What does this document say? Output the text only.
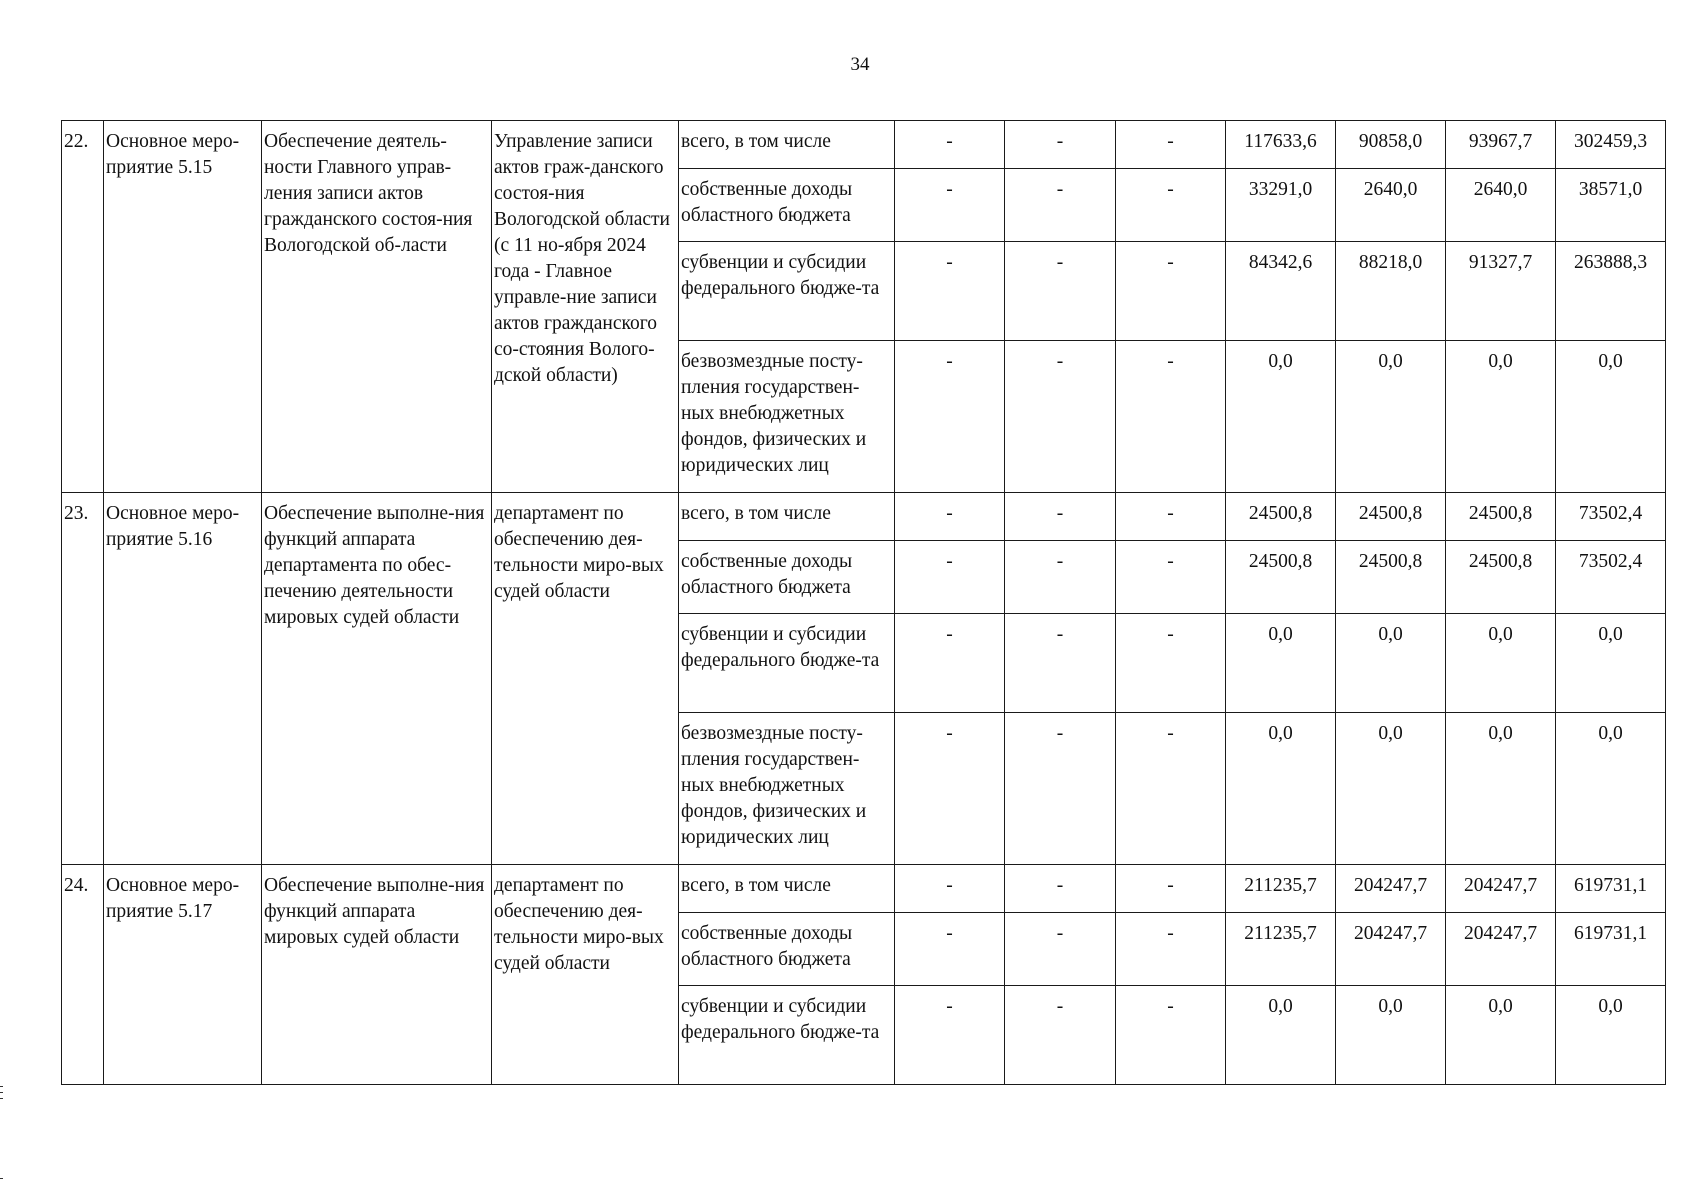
34
22.	Основное меро-приятие 5.15	Обеспечение деятель-ности Главного управ-ления записи актов гражданского состоя-ния Вологодской об-ласти	Управление записи актов граж-данского состоя-ния Вологодской области (с 11 но-ября 2024 года - Главное управле-ние записи актов гражданского со-стояния Волого-дской области)	всего, в том числе	-	-	-	117633,6	90858,0	93967,7	302459,3
				собственные доходы областного бюджета	-	-	-	33291,0	2640,0	2640,0	38571,0
				субвенции и субсидии федерального бюдже-та	-	-	-	84342,6	88218,0	91327,7	263888,3
				безвозмездные посту-пления государствен-ных внебюджетных фондов, физических и юридических лиц	-	-	-	0,0	0,0	0,0	0,0
23.	Основное меро-приятие 5.16	Обеспечение выполне-ния функций аппарата департамента по обес-печению деятельности мировых судей области	департамент по обеспечению дея-тельности миро-вых судей области	всего, в том числе	-	-	-	24500,8	24500,8	24500,8	73502,4
				собственные доходы областного бюджета	-	-	-	24500,8	24500,8	24500,8	73502,4
				субвенции и субсидии федерального бюдже-та	-	-	-	0,0	0,0	0,0	0,0
				безвозмездные посту-пления государствен-ных внебюджетных фондов, физических и юридических лиц	-	-	-	0,0	0,0	0,0	0,0
24.	Основное меро-приятие 5.17	Обеспечение выполне-ния функций аппарата мировых судей области	департамент по обеспечению дея-тельности миро-вых судей области	всего, в том числе	-	-	-	211235,7	204247,7	204247,7	619731,1
				собственные доходы областного бюджета	-	-	-	211235,7	204247,7	204247,7	619731,1
				субвенции и субсидии федерального бюдже-та	-	-	-	0,0	0,0	0,0	0,0
